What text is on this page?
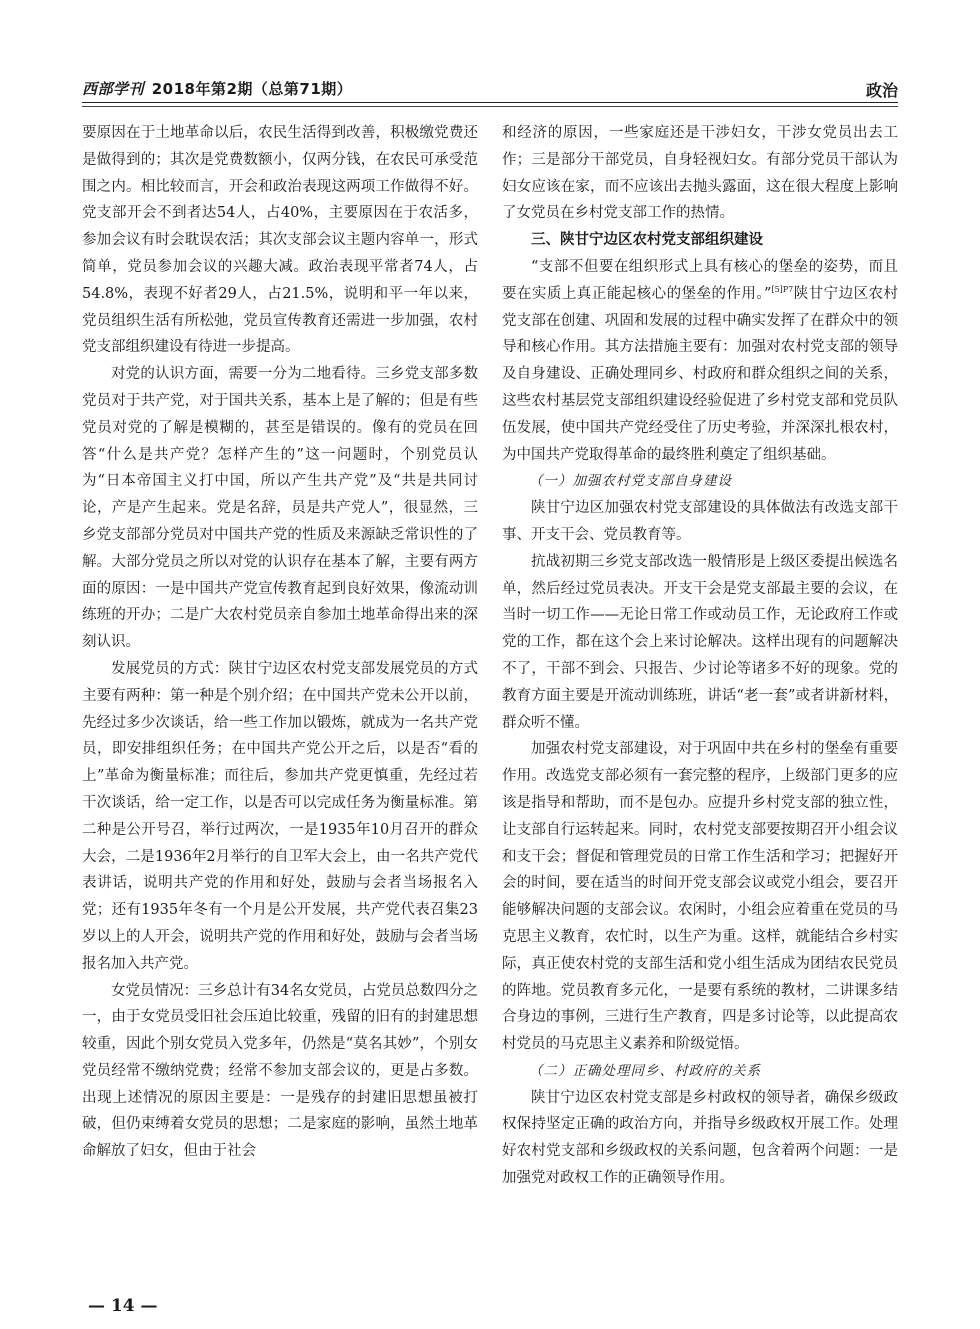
西部学刊 2018年第2期（总第71期）	政治

要原因在于土地革命以后，农民生活得到改善，积极缴党费还是做得到的；其次是党费数额小，仅两分钱，在农民可承受范围之内。相比较而言，开会和政治表现这两项工作做得不好。党支部开会不到者达54人，占40%，主要原因在于农活多，参加会议有时会耽误农活；其次支部会议主题内容单一，形式简单，党员参加会议的兴趣大减。政治表现平常者74人，占54.8%，表现不好者29人，占21.5%，说明和平一年以来，党员组织生活有所松弛，党员宣传教育还需进一步加强，农村党支部组织建设有待进一步提高。

对党的认识方面，需要一分为二地看待。三乡党支部多数党员对于共产党，对于国共关系，基本上是了解的；但是有些党员对党的了解是模糊的，甚至是错误的。像有的党员在回答“什么是共产党？怎样产生的”这一问题时，个别党员认为“日本帝国主义打中国，所以产生共产党”及“共是共同讨论，产是产生起来。党是名辞，员是共产党人”，很显然，三乡党支部部分党员对中国共产党的性质及来源缺乏常识性的了解。大部分党员之所以对党的认识存在基本了解，主要有两方面的原因：一是中国共产党宣传教育起到良好效果，像流动训练班的开办；二是广大农村党员亲自参加土地革命得出来的深刻认识。

发展党员的方式：陕甘宁边区农村党支部发展党员的方式主要有两种：第一种是个别介绍；在中国共产党未公开以前，先经过多少次谈话，给一些工作加以锻炼，就成为一名共产党员，即安排组织任务；在中国共产党公开之后，以是否“看的上”革命为衡量标准；而往后，参加共产党更慎重，先经过若干次谈话，给一定工作，以是否可以完成任务为衡量标准。第二种是公开号召，举行过两次，一是1935年10月召开的群众大会，二是1936年2月举行的自卫军大会上，由一名共产党代表讲话，说明共产党的作用和好处，鼓励与会者当场报名入党；还有1935年冬有一个月是公开发展，共产党代表召集23岁以上的人开会，说明共产党的作用和好处，鼓励与会者当场报名加入共产党。

女党员情况：三乡总计有34名女党员，占党员总数四分之一，由于女党员受旧社会压迫比较重，残留的旧有的封建思想较重，因此个别女党员入党多年，仍然是“莫名其妙”，个别女党员经常不缴纳党费；经常不参加支部会议的，更是占多数。出现上述情况的原因主要是：一是残存的封建旧思想虽被打破，但仍束缚着女党员的思想；二是家庭的影响，虽然土地革命解放了妇女，但由于社会

和经济的原因，一些家庭还是干涉妇女，干涉女党员出去工作；三是部分干部党员，自身轻视妇女。有部分党员干部认为妇女应该在家，而不应该出去抛头露面，这在很大程度上影响了女党员在乡村党支部工作的热情。

三、陕甘宁边区农村党支部组织建设

“支部不但要在组织形式上具有核心的堡垒的姿势，而且要在实质上真正能起核心的堡垒的作用。”$^{[5]P7}$陕甘宁边区农村党支部在创建、巩固和发展的过程中确实发挥了在群众中的领导和核心作用。其方法措施主要有：加强对农村党支部的领导及自身建设、正确处理同乡、村政府和群众组织之间的关系，这些农村基层党支部组织建设经验促进了乡村党支部和党员队伍发展，使中国共产党经受住了历史考验，并深深扎根农村，为中国共产党取得革命的最终胜利奠定了组织基础。

（一）加强农村党支部自身建设

陕甘宁边区加强农村党支部建设的具体做法有改选支部干事、开支干会、党员教育等。

抗战初期三乡党支部改选一般情形是上级区委提出候选名单，然后经过党员表决。开支干会是党支部最主要的会议，在当时一切工作——无论日常工作或动员工作，无论政府工作或党的工作，都在这个会上来讨论解决。这样出现有的问题解决不了，干部不到会、只报告、少讨论等诸多不好的现象。党的教育方面主要是开流动训练班，讲话“老一套”或者讲新材料，群众听不懂。

加强农村党支部建设，对于巩固中共在乡村的堡垒有重要作用。改选党支部必须有一套完整的程序，上级部门更多的应该是指导和帮助，而不是包办。应提升乡村党支部的独立性，让支部自行运转起来。同时，农村党支部要按期召开小组会议和支干会；督促和管理党员的日常工作生活和学习；把握好开会的时间，要在适当的时间开党支部会议或党小组会，要召开能够解决问题的支部会议。农闲时，小组会应着重在党员的马克思主义教育，农忙时，以生产为重。这样，就能结合乡村实际，真正使农村党的支部生活和党小组生活成为团结农民党员的阵地。党员教育多元化，一是要有系统的教材，二讲课多结合身边的事例，三进行生产教育，四是多讨论等，以此提高农村党员的马克思主义素养和阶级觉悟。

（二）正确处理同乡、村政府的关系

陕甘宁边区农村党支部是乡村政权的领导者，确保乡级政权保持坚定正确的政治方向，并指导乡级政权开展工作。处理好农村党支部和乡级政权的关系问题，包含着两个问题：一是加强党对政权工作的正确领导作用。

— 14 —
